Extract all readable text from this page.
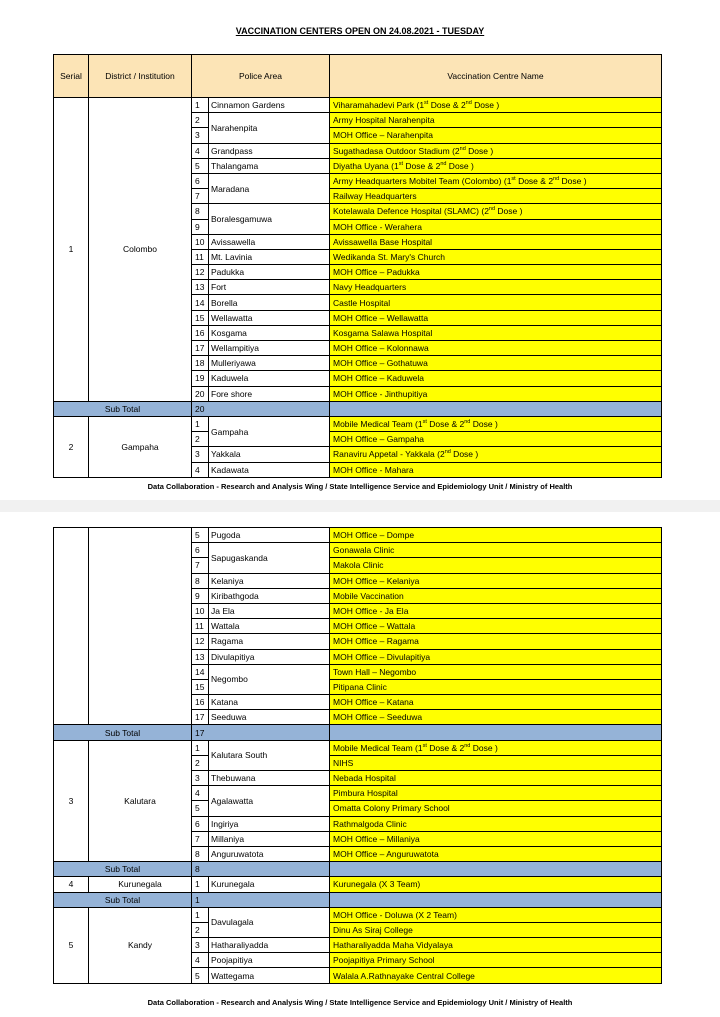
VACCINATION CENTERS OPEN ON 24.08.2021 - TUESDAY
Serial	District / Institution	Police Area		Vaccination Centre Name
1	Colombo	1	Cinnamon Gardens	Viharamahadevi Park (1st Dose & 2nd Dose )
		2	Narahenpita	Army Hospital Narahenpita
		3		MOH Office – Narahenpita
		4	Grandpass	Sugathadasa Outdoor Stadium (2nd Dose )
		5	Thalangama	Diyatha Uyana (1st Dose & 2nd Dose )
		6	Maradana	Army Headquarters Mobitel Team (Colombo) (1st Dose & 2nd Dose )
		7		Railway Headquarters
		8	Boralesgamuwa	Kotelawala Defence Hospital (SLAMC) (2nd Dose )
		9		MOH Office - Werahera
		10	Avissawella	Avissawella Base Hospital
		11	Mt. Lavinia	Wedikanda St. Mary's Church
		12	Padukka	MOH Office – Padukka
		13	Fort	Navy Headquarters
		14	Borella	Castle Hospital
		15	Wellawatta	MOH Office – Wellawatta
		16	Kosgama	Kosgama Salawa Hospital
		17	Wellampitiya	MOH Office – Kolonnawa
		18	Mulleriyawa	MOH Office – Gothatuwa
		19	Kaduwela	MOH Office – Kaduwela
		20	Fore shore	MOH Office - Jinthupitiya
Sub Total		20		
2	Gampaha	1	Gampaha	Mobile Medical Team (1st Dose & 2nd Dose )
		2		MOH Office – Gampaha
		3	Yakkala	Ranaviru Appetal - Yakkala (2nd Dose )
		4	Kadawata	MOH Office - Mahara
Data Collaboration - Research and Analysis Wing / State Intelligence Service and Epidemiology Unit / Ministry of Health
		5	Pugoda	MOH Office – Dompe
		6	Sapugaskanda	Gonawala Clinic
		7		Makola Clinic
		8	Kelaniya	MOH Office – Kelaniya
		9	Kiribathgoda	Mobile Vaccination
		10	Ja Ela	MOH Office - Ja Ela
		11	Wattala	MOH Office – Wattala
		12	Ragama	MOH Office – Ragama
		13	Divulapitiya	MOH Office – Divulapitiya
		14	Negombo	Town Hall – Negombo
		15		Pitipana Clinic
		16	Katana	MOH Office – Katana
		17	Seeduwa	MOH Office – Seeduwa
Sub Total		17		
3	Kalutara	1	Kalutara South	Mobile Medical Team (1st Dose & 2nd Dose )
		2		NIHS
		3	Thebuwana	Nebada Hospital
		4	Agalawatta	Pimbura Hospital
		5		Omatta Colony Primary School
		6	Ingiriya	Rathmalgoda Clinic
		7	Millaniya	MOH Office – Millaniya
		8	Anguruwatota	MOH Office – Anguruwatota
Sub Total		8		
4	Kurunegala	1	Kurunegala	Kurunegala (X 3 Team)
Sub Total		1		
5	Kandy	1	Davulagala	MOH Office - Doluwa (X 2 Team)
		2		Dinu As Siraj College
		3	Hatharaliyadda	Hatharaliyadda Maha Vidyalaya
		4	Poojapitiya	Poojapitiya Primary School
		5	Wattegama	Walala A.Rathnayake Central College
Data Collaboration - Research and Analysis Wing / State Intelligence Service and Epidemiology Unit / Ministry of Health
